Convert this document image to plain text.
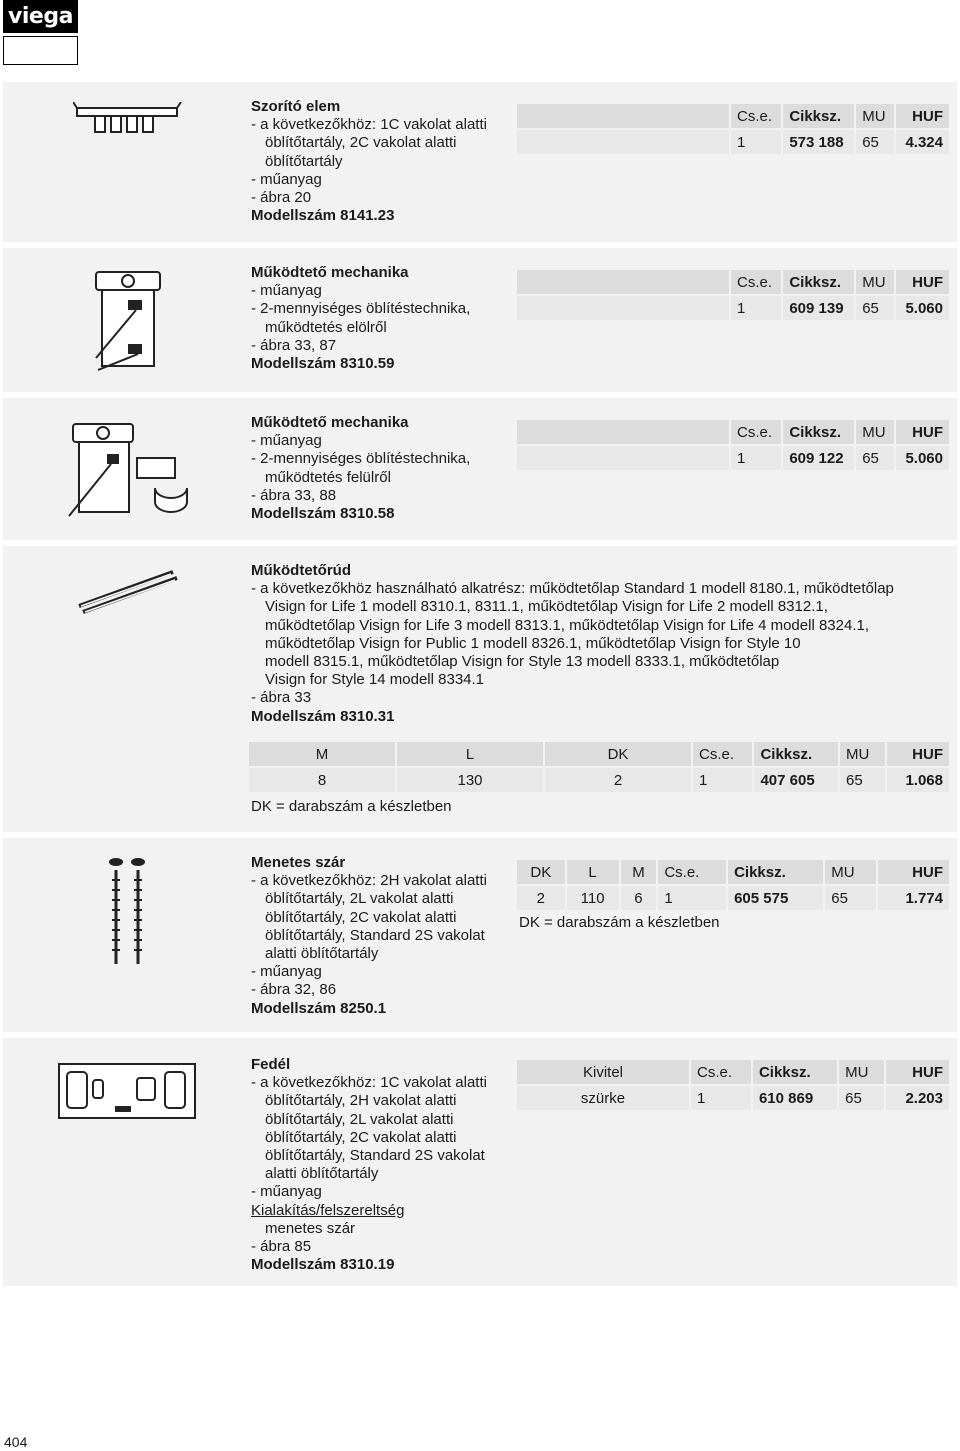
viega
Szorító elem
- a következőkhöz: 1C vakolat alatti
öblítőtartály, 2C vakolat alatti
öblítőtartály
- műanyag
- ábra 20
Modellszám 8141.23
	Cs.e.	Cikksz.	MU	HUF
	1	573 188	65	4.324
Működtető mechanika
- műanyag
- 2-mennyiséges öblítéstechnika,
működtetés elölről
- ábra 33, 87
Modellszám 8310.59
	Cs.e.	Cikksz.	MU	HUF
	1	609 139	65	5.060
Működtető mechanika
- műanyag
- 2-mennyiséges öblítéstechnika,
működtetés felülről
- ábra 33, 88
Modellszám 8310.58
	Cs.e.	Cikksz.	MU	HUF
	1	609 122	65	5.060
Működtetőrúd
- a következőkhöz használható alkatrész: működtetőlap Standard 1 modell 8180.1, működtetőlap
Visign for Life 1 modell 8310.1, 8311.1, működtetőlap Visign for Life 2 modell 8312.1,
működtetőlap Visign for Life 3 modell 8313.1, működtetőlap Visign for Life 4 modell 8324.1,
működtetőlap Visign for Public 1 modell 8326.1, működtetőlap Visign for Style 10
modell 8315.1, működtetőlap Visign for Style 13 modell 8333.1, működtetőlap
Visign for Style 14 modell 8334.1
- ábra 33
Modellszám 8310.31
M	L	DK	Cs.e.	Cikksz.	MU	HUF
8	130	2	1	407 605	65	1.068
DK = darabszám a készletben
Menetes szár
- a következőkhöz: 2H vakolat alatti
öblítőtartály, 2L vakolat alatti
öblítőtartály, 2C vakolat alatti
öblítőtartály, Standard 2S vakolat
alatti öblítőtartály
- műanyag
- ábra 32, 86
Modellszám 8250.1
DK	L	M	Cs.e.	Cikksz.	MU	HUF
2	110	6	1	605 575	65	1.774
DK = darabszám a készletben
Fedél
- a következőkhöz: 1C vakolat alatti
öblítőtartály, 2H vakolat alatti
öblítőtartály, 2L vakolat alatti
öblítőtartály, 2C vakolat alatti
öblítőtartály, Standard 2S vakolat
alatti öblítőtartály
- műanyag
Kialakítás/felszereltség
menetes szár
- ábra 85
Modellszám 8310.19
Kivitel	Cs.e.	Cikksz.	MU	HUF
szürke	1	610 869	65	2.203
404
